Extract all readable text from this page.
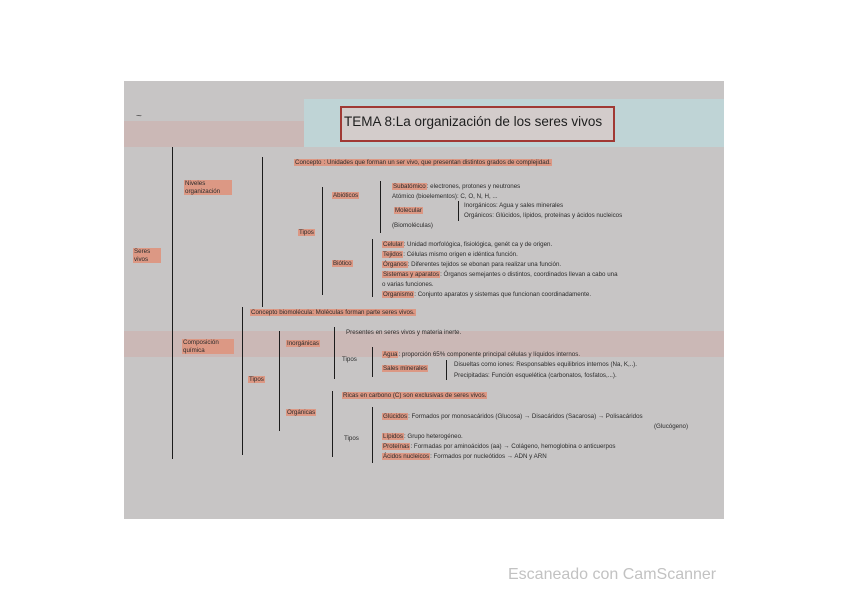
TEMA 8:La organización de los seres vivos
~
Seres vivos
Niveles organización
Concepto : Unidades que forman un ser vivo, que presentan distintos grados de complejidad.
Tipos
Abióticos
Subatómico: electrones, protones y neutrones
Atómico (bioelementos): C, O, N, H, ...
Molecular
Inorgánicos: Agua y sales minerales
Orgánicos: Glúcidos, lípidos, proteínas y ácidos nucleicos
(Biomoléculas)
Biótico
Celular: Unidad morfológica, fisiológica, genét ca y de origen.
Tejidos: Células mismo origen e idéntica función.
Órganos: Diferentes tejidos se ebonan para realizar una función.
Sistemas y aparatos: Órganos semejantes o distintos, coordinados llevan a cabo una
o varias funciones.
Organismo: Conjunto aparatos y sistemas que funcionan coordinadamente.
Composición química
Concepto biomolécula: Moléculas forman parte seres vivos.
Tipos
Inorgánicas
Presentes en seres vivos y materia inerte.
Tipos
Agua: proporción 65% componente principal células y líquidos internos.
Sales minerales
Disueltas como iones: Responsables equilibrios internos (Na, K,..).
Precipitadas: Función esquelética (carbonatos, fosfatos,...).
Orgánicas
Ricas en carbono (C) son exclusivas de seres vivos.
Tipos
Glúcidos: Formados por monosacáridos (Glucosa) → Disacáridos (Sacarosa) → Polisacáridos
(Glucógeno)
Lípidos: Grupo heterogéneo.
Proteínas: Formadas por aminoácidos (aa) → Colágeno, hemoglobina o anticuerpos
Ácidos nucleicos: Formados por nucleótidos → ADN y ARN
Escaneado con CamScanner
